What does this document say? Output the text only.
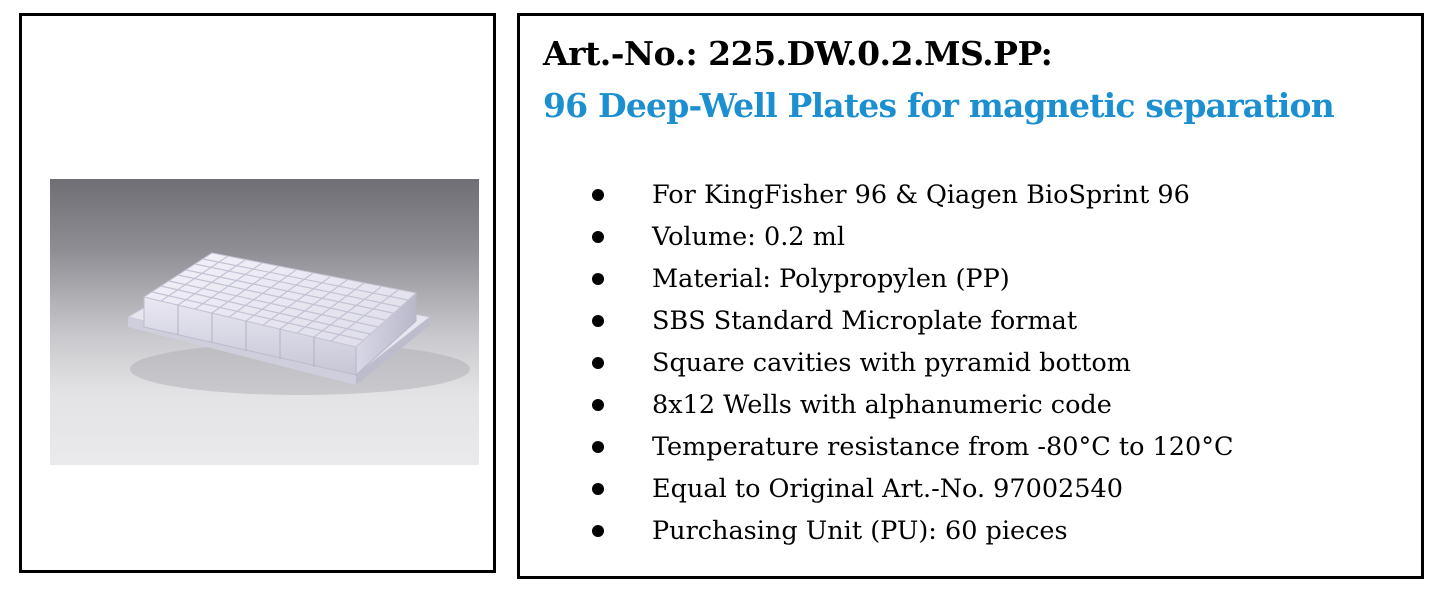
Art.-No.: 225.DW.0.2.MS.PP:
96 Deep-Well Plates for magnetic separation
For KingFisher 96 & Qiagen BioSprint 96
Volume: 0.2 ml
Material: Polypropylen (PP)
SBS Standard Microplate format
Square cavities with pyramid bottom
8x12 Wells with alphanumeric code
Temperature resistance from -80°C to 120°C
Equal to Original Art.-No. 97002540
Purchasing Unit (PU): 60 pieces
